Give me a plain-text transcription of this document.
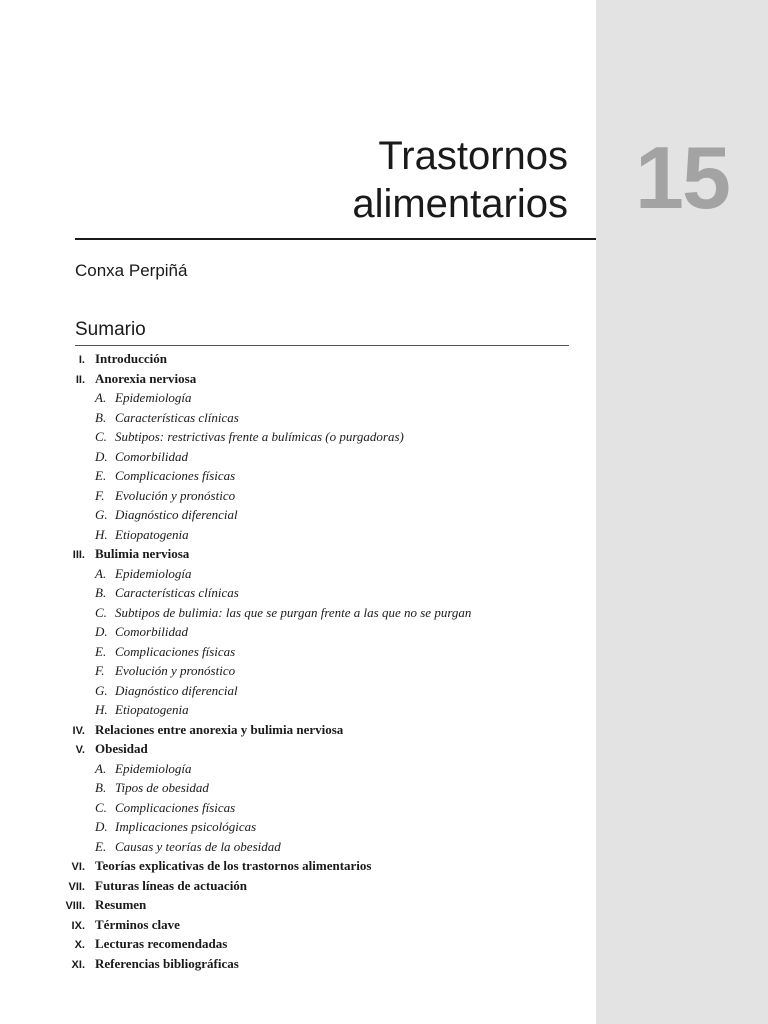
15
Trastornos
alimentarios
Conxa Perpiñá
Sumario
I. Introducción
II. Anorexia nerviosa
A. Epidemiología
B. Características clínicas
C. Subtipos: restrictivas frente a bulímicas (o purgadoras)
D. Comorbilidad
E. Complicaciones físicas
F. Evolución y pronóstico
G. Diagnóstico diferencial
H. Etiopatogenia
III. Bulimia nerviosa
A. Epidemiología
B. Características clínicas
C. Subtipos de bulimia: las que se purgan frente a las que no se purgan
D. Comorbilidad
E. Complicaciones físicas
F. Evolución y pronóstico
G. Diagnóstico diferencial
H. Etiopatogenia
IV. Relaciones entre anorexia y bulimia nerviosa
V. Obesidad
A. Epidemiología
B. Tipos de obesidad
C. Complicaciones físicas
D. Implicaciones psicológicas
E. Causas y teorías de la obesidad
VI. Teorías explicativas de los trastornos alimentarios
VII. Futuras líneas de actuación
VIII. Resumen
IX. Términos clave
X. Lecturas recomendadas
XI. Referencias bibliográficas
